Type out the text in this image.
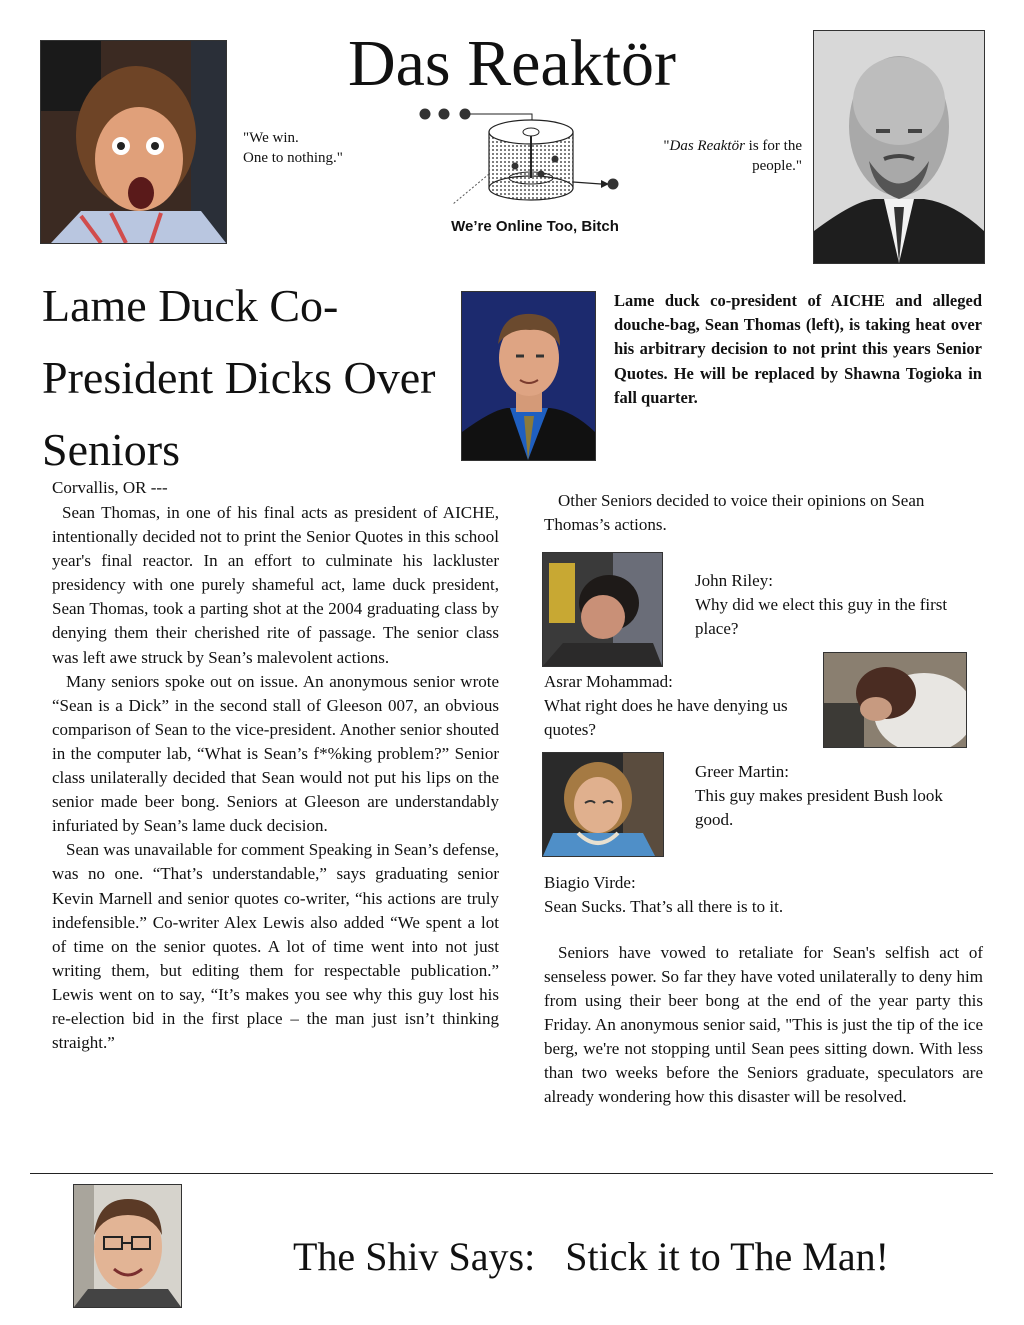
Das Reaktör
"We win.
One to nothing."
"Das Reaktör is for the people."
We’re Online Too, Bitch
Lame Duck Co-President Dicks Over Seniors
Lame duck co-president of AICHE and alleged douche-bag, Sean Thomas (left), is taking heat over his arbitrary decision to not print this years Senior Quotes. He will be replaced by Shawna Togioka in fall quarter.
Corvallis, OR ---

Sean Thomas, in one of his final acts as president of AICHE, intentionally decided not to print the Senior Quotes in this school year's final reactor. In an effort to culminate his lackluster presidency with one purely shameful act, lame duck president, Sean Thomas, took a parting shot at the 2004 graduating class by denying them their cherished rite of passage. The senior class was left awe struck by Sean’s malevolent actions.

Many seniors spoke out on issue. An anonymous senior wrote “Sean is a Dick” in the second stall of Gleeson 007, an obvious comparison of Sean to the vice-president. Another senior shouted in the computer lab, “What is Sean’s f*%king problem?” Senior class unilaterally decided that Sean would not put his lips on the senior made beer bong. Seniors at Gleeson are understandably infuriated by Sean’s lame duck decision.

Sean was unavailable for comment Speaking in Sean’s defense, was no one. “That’s understandable,” says graduating senior Kevin Marnell and senior quotes co-writer, “his actions are truly indefensible.” Co-writer Alex Lewis also added “We spent a lot of time on the senior quotes. A lot of time went into not just writing them, but editing them for respectable publication.” Lewis went on to say, “It’s makes you see why this guy lost his re-election bid in the first place – the man just isn’t thinking straight.”

Other Seniors decided to voice their opinions on Sean Thomas’s actions.
John Riley:
Why did we elect this guy in the first place?
Asrar Mohammad:
What right does he have denying us quotes?
Greer Martin:
This guy makes president Bush look good.
Biagio Virde:
Sean Sucks. That’s all there is to it.
Seniors have vowed to retaliate for Sean's selfish act of senseless power. So far they have voted unilaterally to deny him from using their beer bong at the end of the year party this Friday. An anonymous senior said, "This is just the tip of the ice berg, we're not stopping until Sean pees sitting down. With less than two weeks before the Seniors graduate, speculators are already wondering how this disaster will be resolved.
The Shiv Says:   Stick it to The Man!
